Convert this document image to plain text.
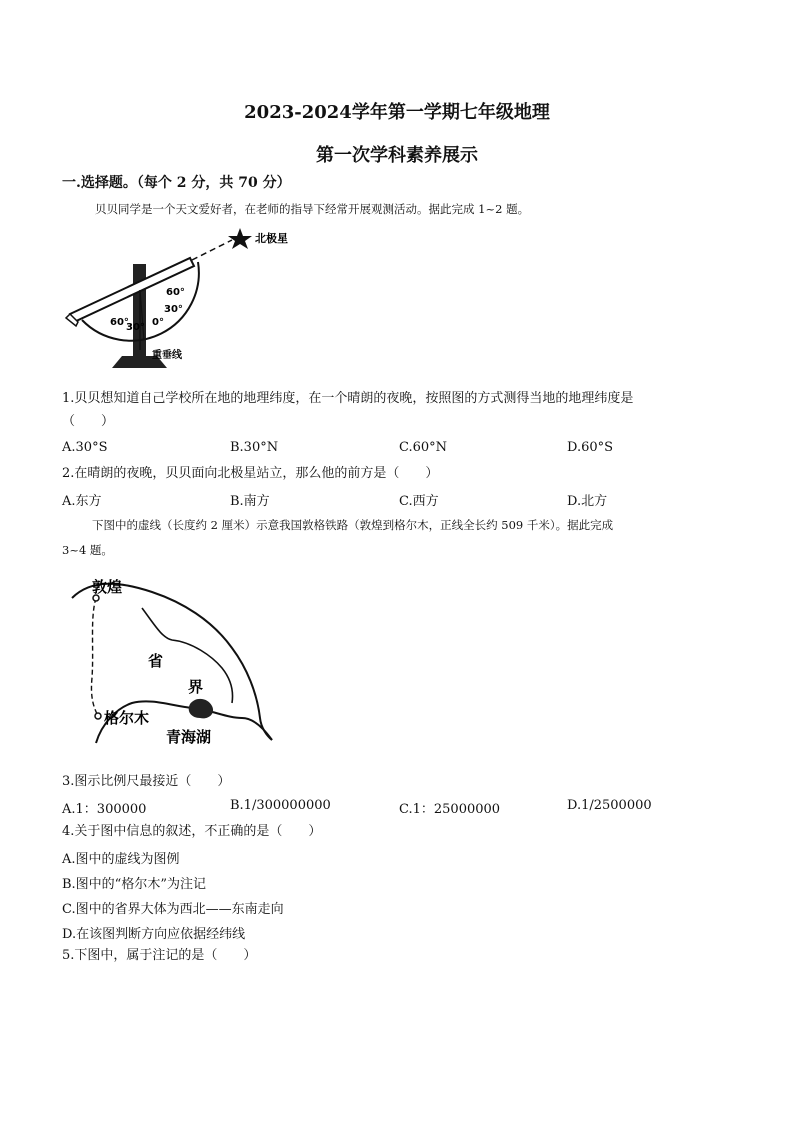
2023-2024学年第一学期七年级地理
第一次学科素养展示
一.选择题。（每个 2 分，共 70 分）
贝贝同学是一个天文爱好者，在老师的指导下经常开展观测活动。据此完成 1~2 题。
北极星
60°
30° 0°
30°
60°
重垂线
1.贝贝想知道自己学校所在地的地理纬度，在一个晴朗的夜晚，按照图的方式测得当地的地理纬度是
（　　）
A.30°S	B.30°N	C.60°N	D.60°S
2.在晴朗的夜晚，贝贝面向北极星站立，那么他的前方是（　　）
A.东方	B.南方	C.西方	D.北方
下图中的虚线（长度约 2 厘米）示意我国敦格铁路（敦煌到格尔木，正线全长约 509 千米）。据此完成
3~4 题。
敦煌
省
界
格尔木
青海湖
3.图示比例尺最接近（　　）
A.1：300000	B.1/300000000	C.1：25000000	D.1/2500000
4.关于图中信息的叙述，不正确的是（　　）
A.图中的虚线为图例
B.图中的“格尔木”为注记
C.图中的省界大体为西北——东南走向
D.在该图判断方向应依据经纬线
5.下图中，属于注记的是（　　）
